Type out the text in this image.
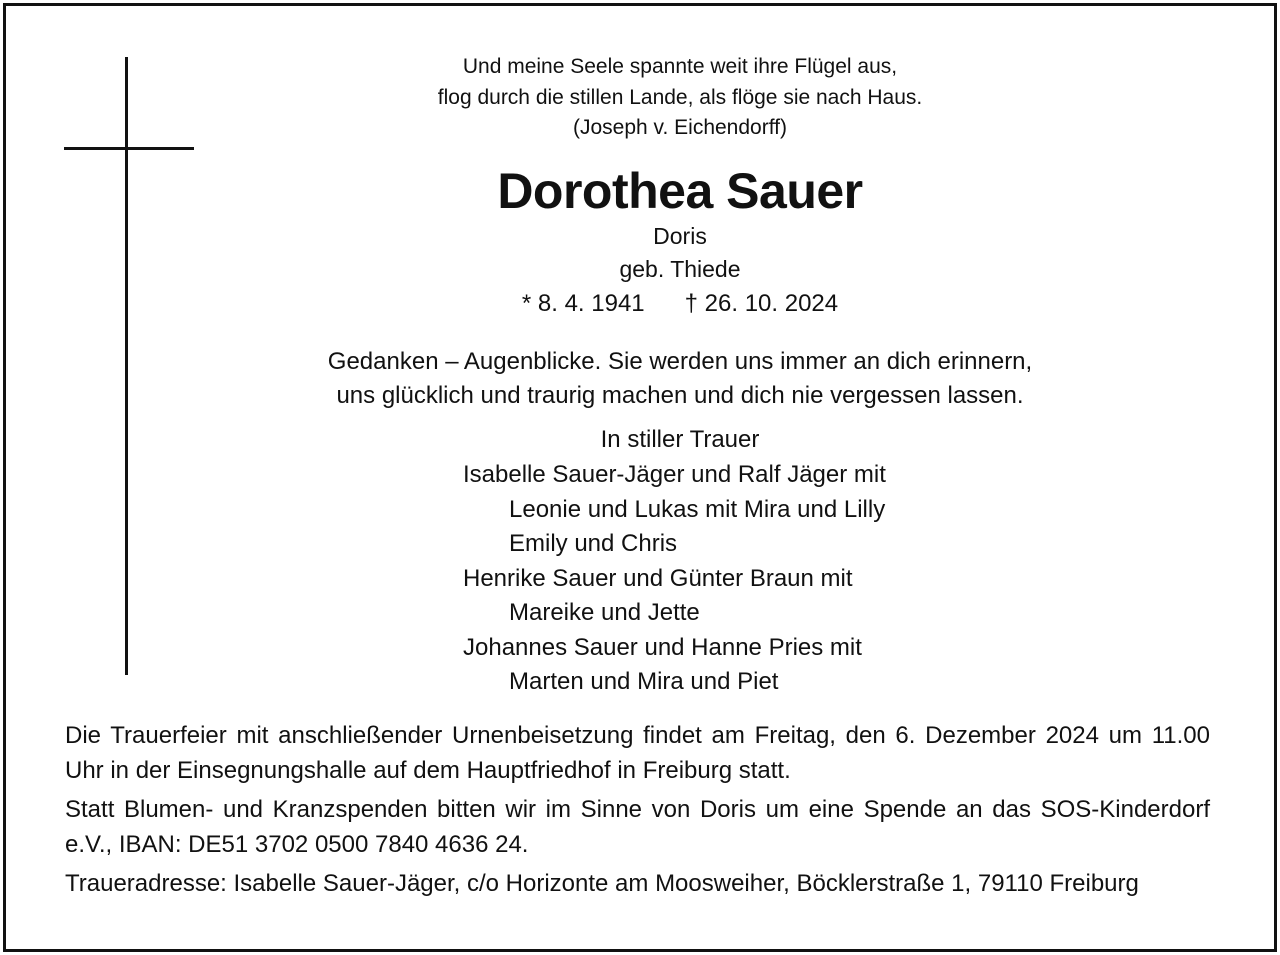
Und meine Seele spannte weit ihre Flügel aus,
flog durch die stillen Lande, als flöge sie nach Haus.
(Joseph v. Eichendorff)
Dorothea Sauer
Doris
geb. Thiede
* 8. 4. 1941 † 26. 10. 2024
Gedanken – Augenblicke. Sie werden uns immer an dich erinnern,
uns glücklich und traurig machen und dich nie vergessen lassen.
In stiller Trauer
Isabelle Sauer-Jäger und Ralf Jäger mit
Leonie und Lukas mit Mira und Lilly
Emily und Chris
Henrike Sauer und Günter Braun mit
Mareike und Jette
Johannes Sauer und Hanne Pries mit
Marten und Mira und Piet
Die Trauerfeier mit anschließender Urnenbeisetzung findet am Freitag, den 6. Dezember 2024 um 11.00 Uhr in der Einsegnungshalle auf dem Hauptfriedhof in Freiburg statt.
Statt Blumen- und Kranzspenden bitten wir im Sinne von Doris um eine Spende an das SOS-Kinderdorf e.V., IBAN: DE51 3702 0500 7840 4636 24.
Traueradresse: Isabelle Sauer-Jäger, c/o Horizonte am Moosweiher, Böcklerstraße 1, 79110 Freiburg
